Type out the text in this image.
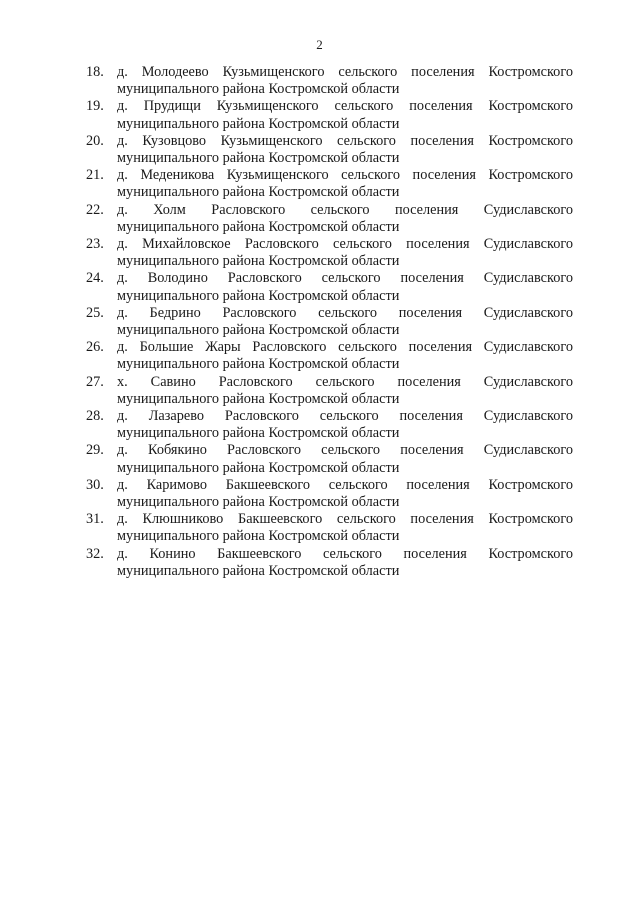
2
18. д. Молодеево Кузьмищенского сельского поселения Костромского
муниципального района Костромской области
19. д. Прудищи Кузьмищенского сельского поселения Костромского
муниципального района Костромской области
20. д. Кузовцово Кузьмищенского сельского поселения Костромского
муниципального района Костромской области
21. д. Меденикова Кузьмищенского сельского поселения Костромского
муниципального района Костромской области
22. д. Холм Расловского сельского поселения Судиславского
муниципального района Костромской области
23. д. Михайловское Расловского сельского поселения Судиславского
муниципального района Костромской области
24. д. Володино Расловского сельского поселения Судиславского
муниципального района Костромской области
25. д. Бедрино Расловского сельского поселения Судиславского
муниципального района Костромской области
26. д. Большие Жары Расловского сельского поселения Судиславского
муниципального района Костромской области
27. х. Савино Расловского сельского поселения Судиславского
муниципального района Костромской области
28. д. Лазарево Расловского сельского поселения Судиславского
муниципального района Костромской области
29. д. Кобякино Расловского сельского поселения Судиславского
муниципального района Костромской области
30. д. Каримово Бакшеевского сельского поселения Костромского
муниципального района Костромской области
31. д. Клюшниково Бакшеевского сельского поселения Костромского
муниципального района Костромской области
32. д. Конино Бакшеевского сельского поселения Костромского
муниципального района Костромской области
